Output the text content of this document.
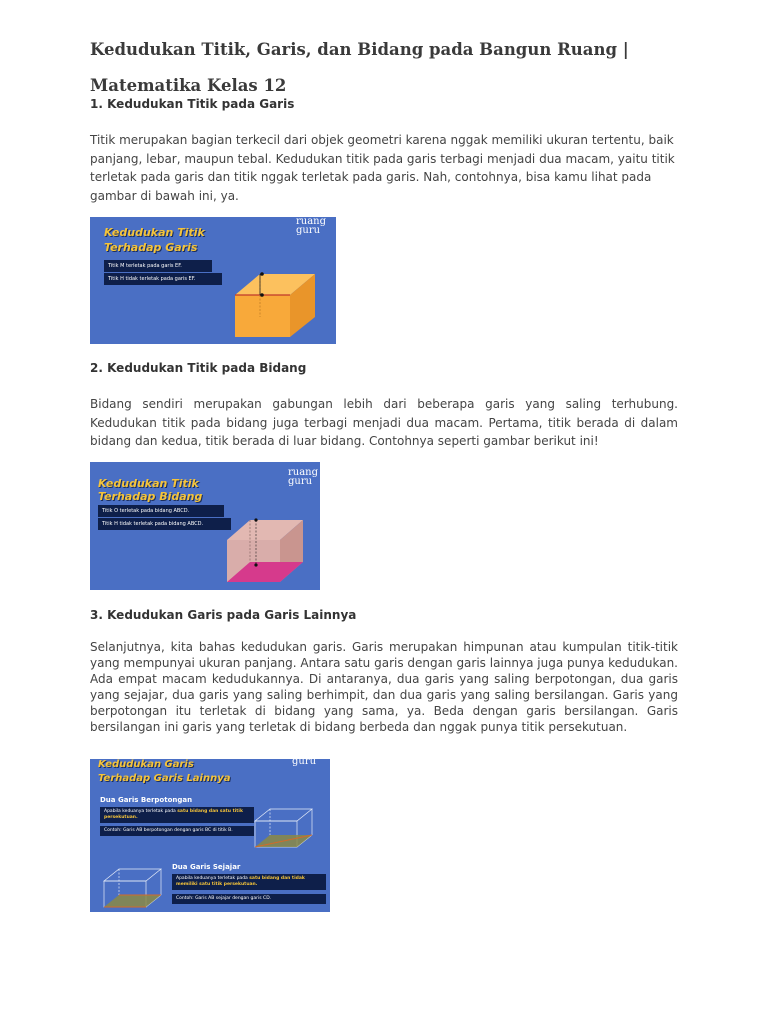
Kedudukan Titik, Garis, dan Bidang pada Bangun Ruang | Matematika Kelas 12
1. Kedudukan Titik pada Garis

Titik merupakan bagian terkecil dari objek geometri karena nggak memiliki ukuran tertentu, baik panjang, lebar, maupun tebal. Kedudukan titik pada garis terbagi menjadi dua macam, yaitu titik terletak pada garis dan titik nggak terletak pada garis. Nah, contohnya, bisa kamu lihat pada gambar di bawah ini, ya.

Kedudukan Titik
Terhadap Garis
ruang
guru
Titik M terletak pada garis EF.
Titik H tidak terletak pada garis EF.
2. Kedudukan Titik pada Bidang

Bidang sendiri merupakan gabungan lebih dari beberapa garis yang saling terhubung. Kedudukan titik pada bidang juga terbagi menjadi dua macam. Pertama, titik berada di dalam bidang dan kedua, titik berada di luar bidang. Contohnya seperti gambar berikut ini!

Kedudukan Titik
Terhadap Bidang
ruang
guru
Titik O terletak pada bidang ABCD.
Titik H tidak terletak pada bidang ABCD.
3. Kedudukan Garis pada Garis Lainnya

Selanjutnya, kita bahas kedudukan garis. Garis merupakan himpunan atau kumpulan titik-titik yang mempunyai ukuran panjang. Antara satu garis dengan garis lainnya juga punya kedudukan. Ada empat macam kedudukannya. Di antaranya, dua garis yang saling berpotongan, dua garis yang sejajar, dua garis yang saling berhimpit, dan dua garis yang saling bersilangan. Garis yang berpotongan itu terletak di bidang yang sama, ya. Beda dengan garis bersilangan. Garis bersilangan ini garis yang terletak di bidang berbeda dan nggak punya titik persekutuan.

Kedudukan Garis
Terhadap Garis Lainnya
guru
Dua Garis Berpotongan
Apabila keduanya terletak pada satu bidang dan satu titik persekutuan.
Contoh: Garis AB berpotongan dengan garis BC di titik B.
Dua Garis Sejajar
Apabila keduanya terletak pada satu bidang dan tidak memiliki satu titik persekutuan.
Contoh: Garis AB sejajar dengan garis CD.
